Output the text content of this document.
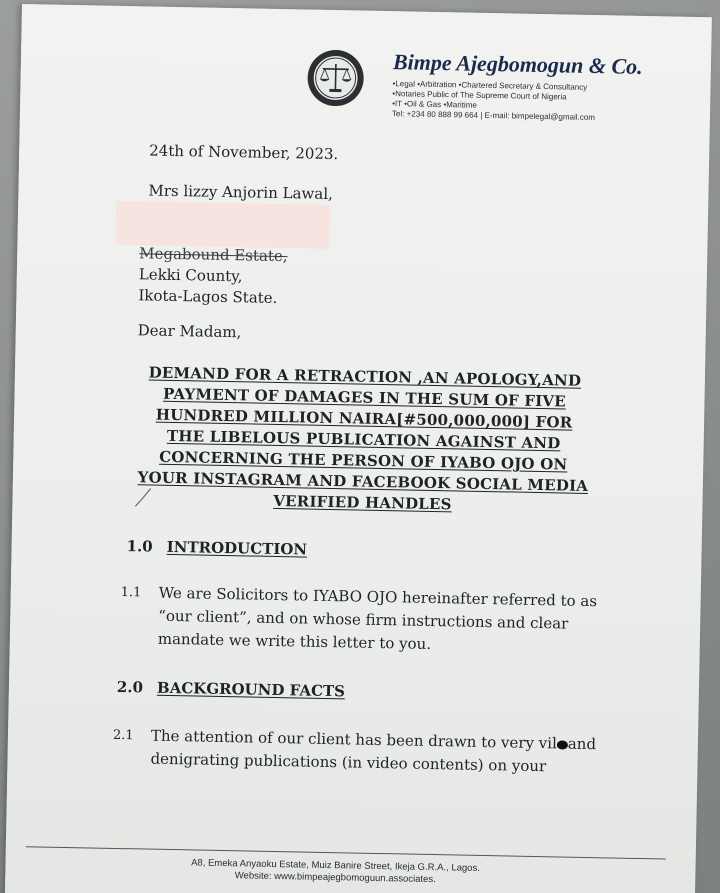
Bimpe Ajegbomogun & Co.
•Legal •Arbitration •Chartered Secretary & Consultancy
•Notaries Public of The Supreme Court of Nigeria
•IT •Oil & Gas •Maritime
Tel: +234 80 888 99 664 | E-mail: bimpelegal@gmail.com
24th of November, 2023.
Mrs lizzy Anjorin Lawal,
Megabound Estate,
Lekki County,
Ikota-Lagos State.
Dear Madam,
DEMAND FOR A RETRACTION ,AN APOLOGY,AND
PAYMENT OF DAMAGES IN THE SUM OF FIVE
HUNDRED MILLION NAIRA[#500,000,000] FOR
THE LIBELOUS PUBLICATION AGAINST AND
CONCERNING THE PERSON OF IYABO OJO ON
YOUR INSTAGRAM AND FACEBOOK SOCIAL MEDIA
VERIFIED HANDLES
1.0 INTRODUCTION
1.1 We are Solicitors to IYABO OJO hereinafter referred to as
“our client”, and on whose firm instructions and clear
mandate we write this letter to you.
2.0 BACKGROUND FACTS
2.1 The attention of our client has been drawn to very vil and
denigrating publications (in video contents) on your
A8, Emeka Anyaoku Estate, Muiz Banire Street, Ikeja G.R.A., Lagos.
Website: www.bimpeajegbomoguun.associates.
